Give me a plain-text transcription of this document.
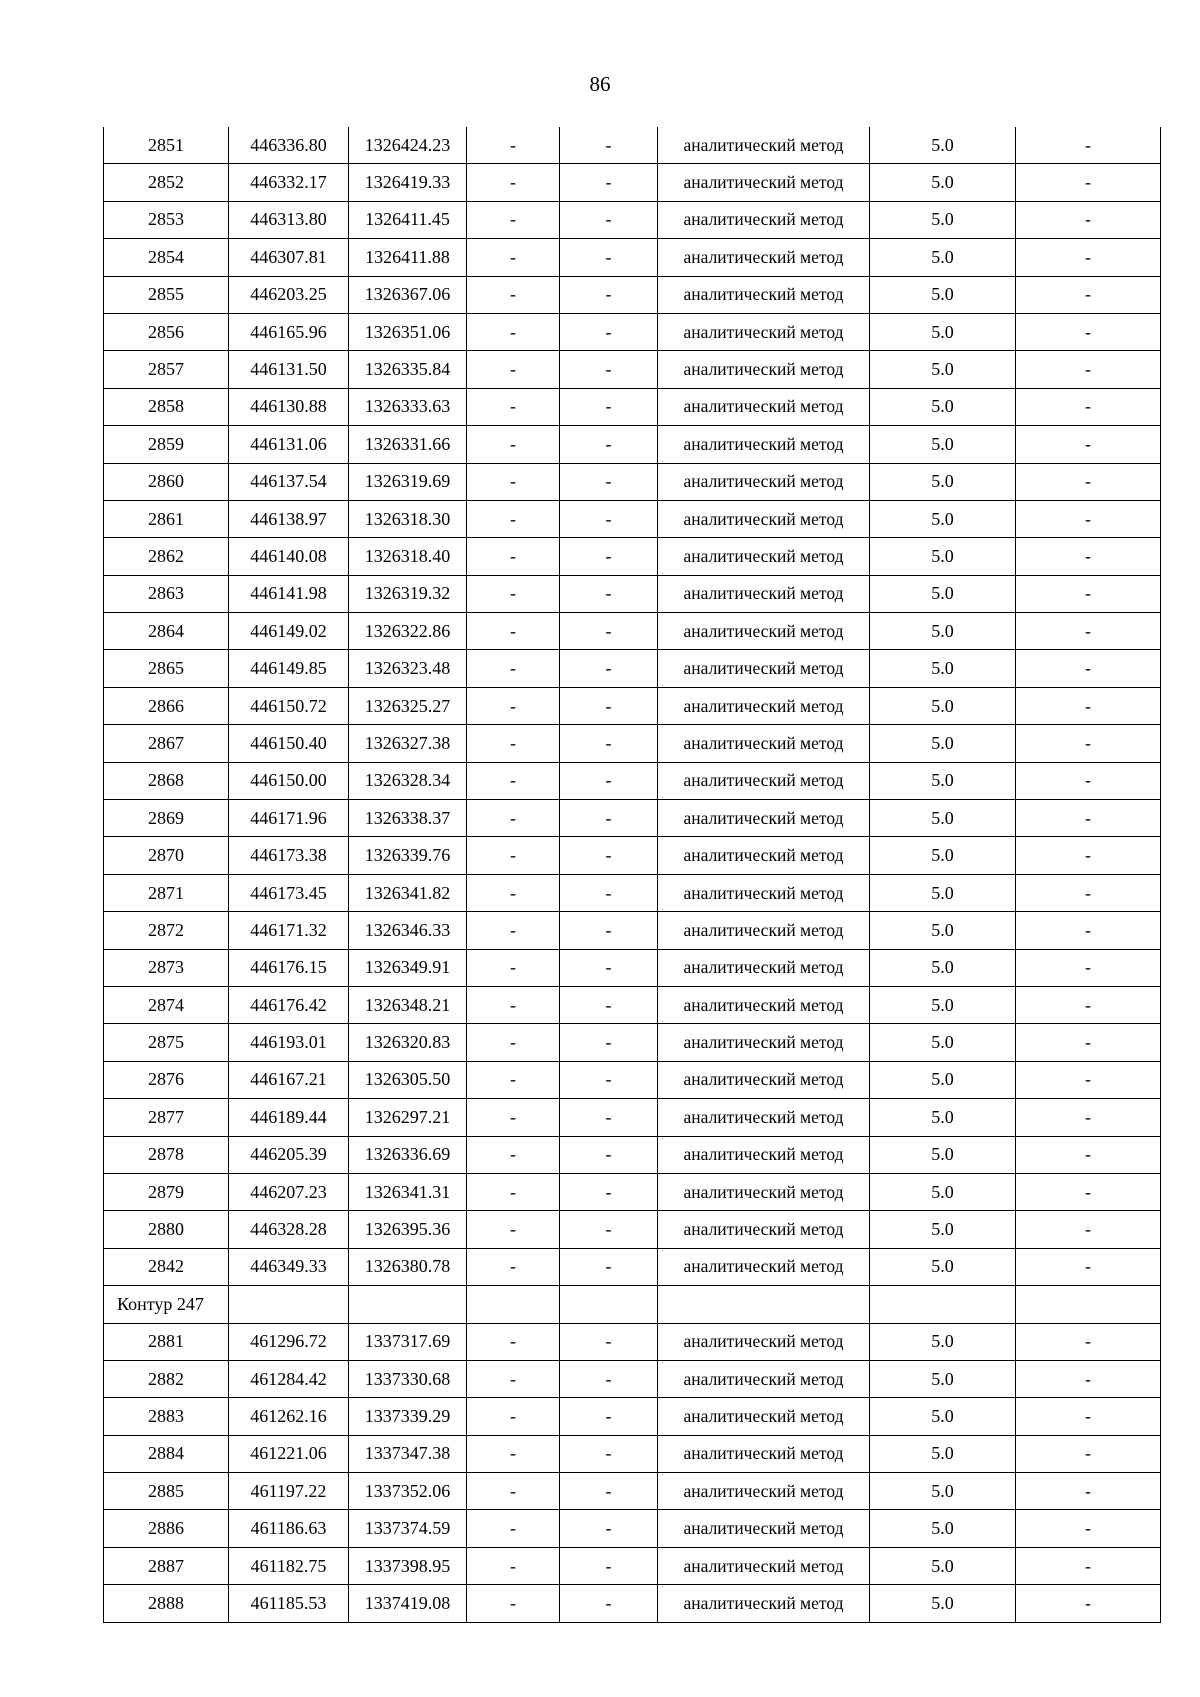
86
2851	446336.80	1326424.23	-	-	аналитический метод	5.0	-
2852	446332.17	1326419.33	-	-	аналитический метод	5.0	-
2853	446313.80	1326411.45	-	-	аналитический метод	5.0	-
2854	446307.81	1326411.88	-	-	аналитический метод	5.0	-
2855	446203.25	1326367.06	-	-	аналитический метод	5.0	-
2856	446165.96	1326351.06	-	-	аналитический метод	5.0	-
2857	446131.50	1326335.84	-	-	аналитический метод	5.0	-
2858	446130.88	1326333.63	-	-	аналитический метод	5.0	-
2859	446131.06	1326331.66	-	-	аналитический метод	5.0	-
2860	446137.54	1326319.69	-	-	аналитический метод	5.0	-
2861	446138.97	1326318.30	-	-	аналитический метод	5.0	-
2862	446140.08	1326318.40	-	-	аналитический метод	5.0	-
2863	446141.98	1326319.32	-	-	аналитический метод	5.0	-
2864	446149.02	1326322.86	-	-	аналитический метод	5.0	-
2865	446149.85	1326323.48	-	-	аналитический метод	5.0	-
2866	446150.72	1326325.27	-	-	аналитический метод	5.0	-
2867	446150.40	1326327.38	-	-	аналитический метод	5.0	-
2868	446150.00	1326328.34	-	-	аналитический метод	5.0	-
2869	446171.96	1326338.37	-	-	аналитический метод	5.0	-
2870	446173.38	1326339.76	-	-	аналитический метод	5.0	-
2871	446173.45	1326341.82	-	-	аналитический метод	5.0	-
2872	446171.32	1326346.33	-	-	аналитический метод	5.0	-
2873	446176.15	1326349.91	-	-	аналитический метод	5.0	-
2874	446176.42	1326348.21	-	-	аналитический метод	5.0	-
2875	446193.01	1326320.83	-	-	аналитический метод	5.0	-
2876	446167.21	1326305.50	-	-	аналитический метод	5.0	-
2877	446189.44	1326297.21	-	-	аналитический метод	5.0	-
2878	446205.39	1326336.69	-	-	аналитический метод	5.0	-
2879	446207.23	1326341.31	-	-	аналитический метод	5.0	-
2880	446328.28	1326395.36	-	-	аналитический метод	5.0	-
2842	446349.33	1326380.78	-	-	аналитический метод	5.0	-
Контур 247							
2881	461296.72	1337317.69	-	-	аналитический метод	5.0	-
2882	461284.42	1337330.68	-	-	аналитический метод	5.0	-
2883	461262.16	1337339.29	-	-	аналитический метод	5.0	-
2884	461221.06	1337347.38	-	-	аналитический метод	5.0	-
2885	461197.22	1337352.06	-	-	аналитический метод	5.0	-
2886	461186.63	1337374.59	-	-	аналитический метод	5.0	-
2887	461182.75	1337398.95	-	-	аналитический метод	5.0	-
2888	461185.53	1337419.08	-	-	аналитический метод	5.0	-
